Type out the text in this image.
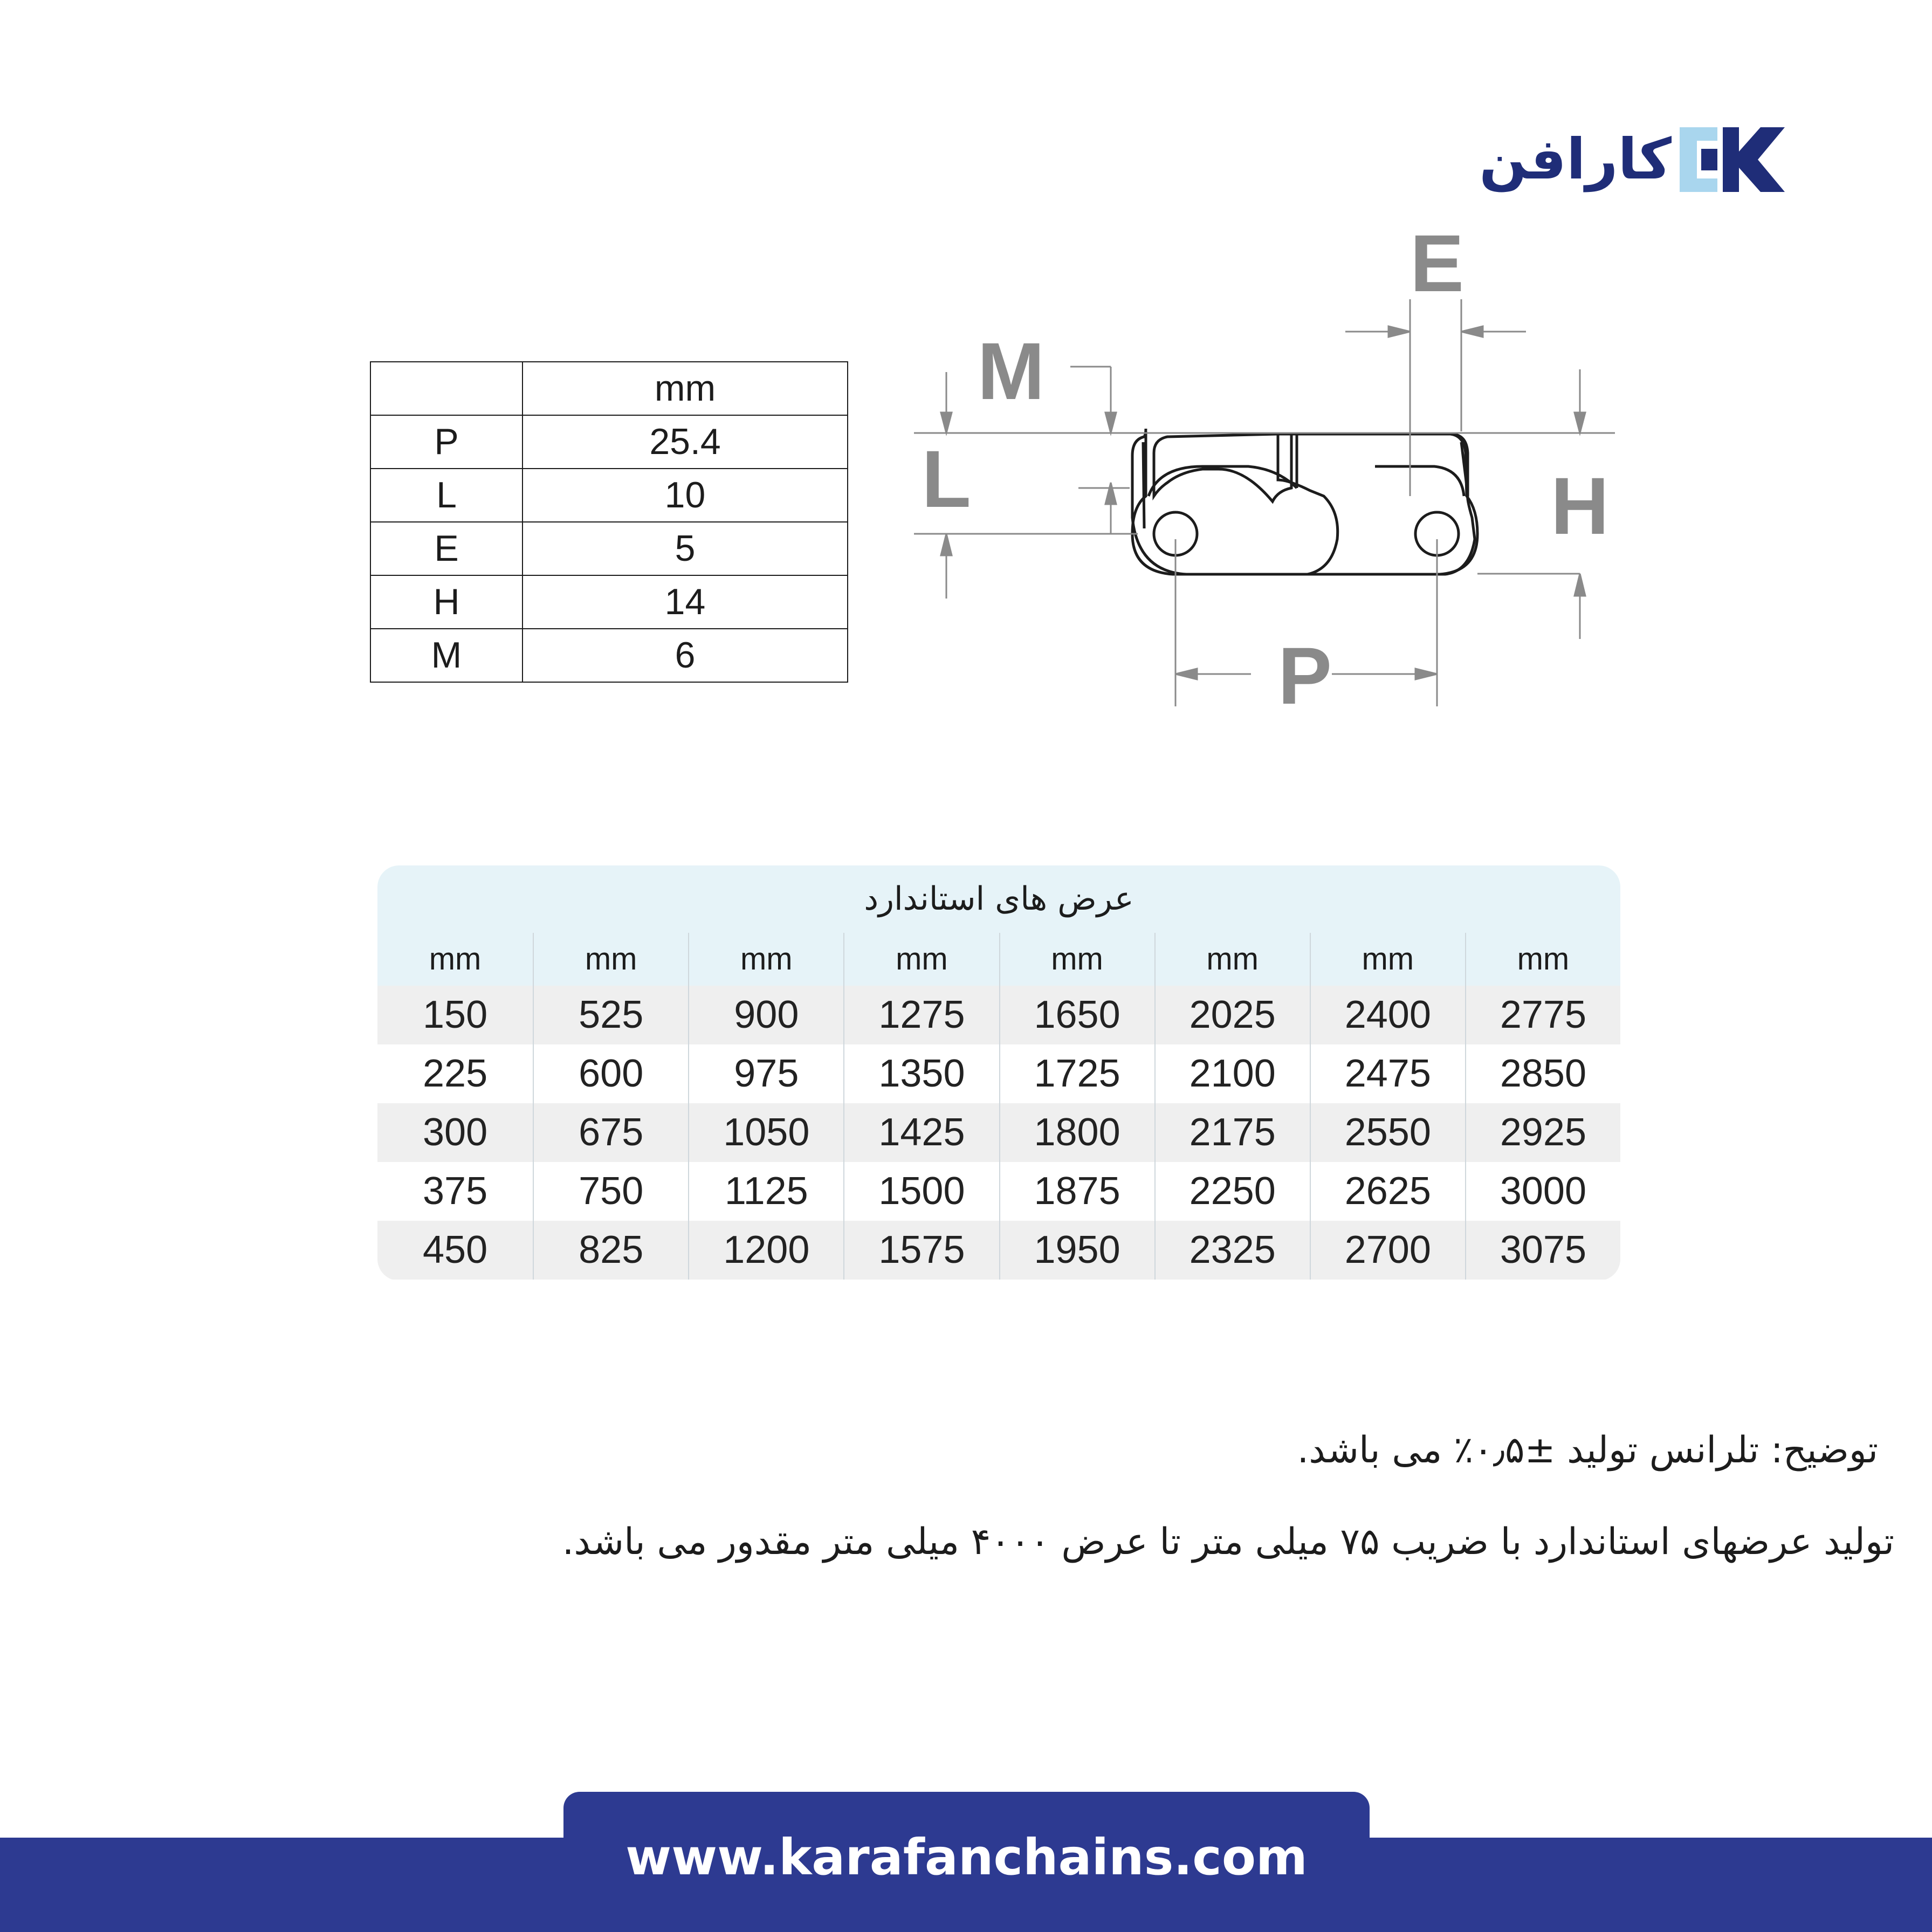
کارافن
	mm
P	25.4
L	10
E	5
H	14
M	6
E
M
L	H
P
عرض های استاندارد
mm	mm	mm	mm	mm	mm	mm	mm
150	525	900	1275	1650	2025	2400	2775
225	600	975	1350	1725	2100	2475	2850
300	675	1050	1425	1800	2175	2550	2925
375	750	1125	1500	1875	2250	2625	3000
450	825	1200	1575	1950	2325	2700	3075
توضیح: تلرانس تولید ±۰٫۵٪ می باشد.
تولید عرضهای استاندارد با ضریب ۷۵ میلی متر تا عرض ۴۰۰۰ میلی متر مقدور می باشد.
www.karafanchains.com
